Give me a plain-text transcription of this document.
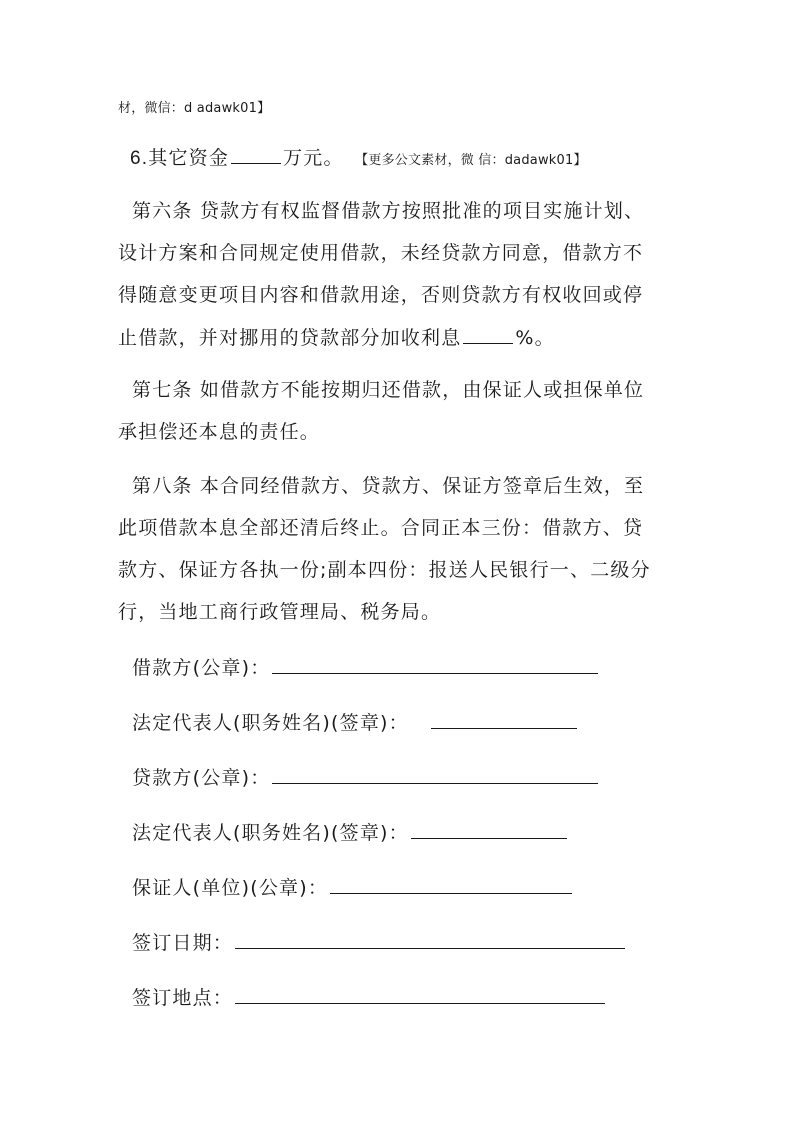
材，微信：d adawk01】
6.其它资金	万元。 【更多公文素材，微 信：dadawk01】
第六条 贷款方有权监督借款方按照批准的项目实施计划、
设计方案和合同规定使用借款，未经贷款方同意，借款方不
得随意变更项目内容和借款用途，否则贷款方有权收回或停
止借款，并对挪用的贷款部分加收利息	%。
第七条 如借款方不能按期归还借款，由保证人或担保单位
承担偿还本息的责任。
第八条 本合同经借款方、贷款方、保证方签章后生效，至
此项借款本息全部还清后终止。合同正本三份：借款方、贷
款方、保证方各执一份;副本四份：报送人民银行一、二级分
行，当地工商行政管理局、税务局。
借款方(公章)：
法定代表人(职务姓名)(签章)：
贷款方(公章)：
法定代表人(职务姓名)(签章)：
保证人(单位)(公章)：
签订日期：
签订地点：
